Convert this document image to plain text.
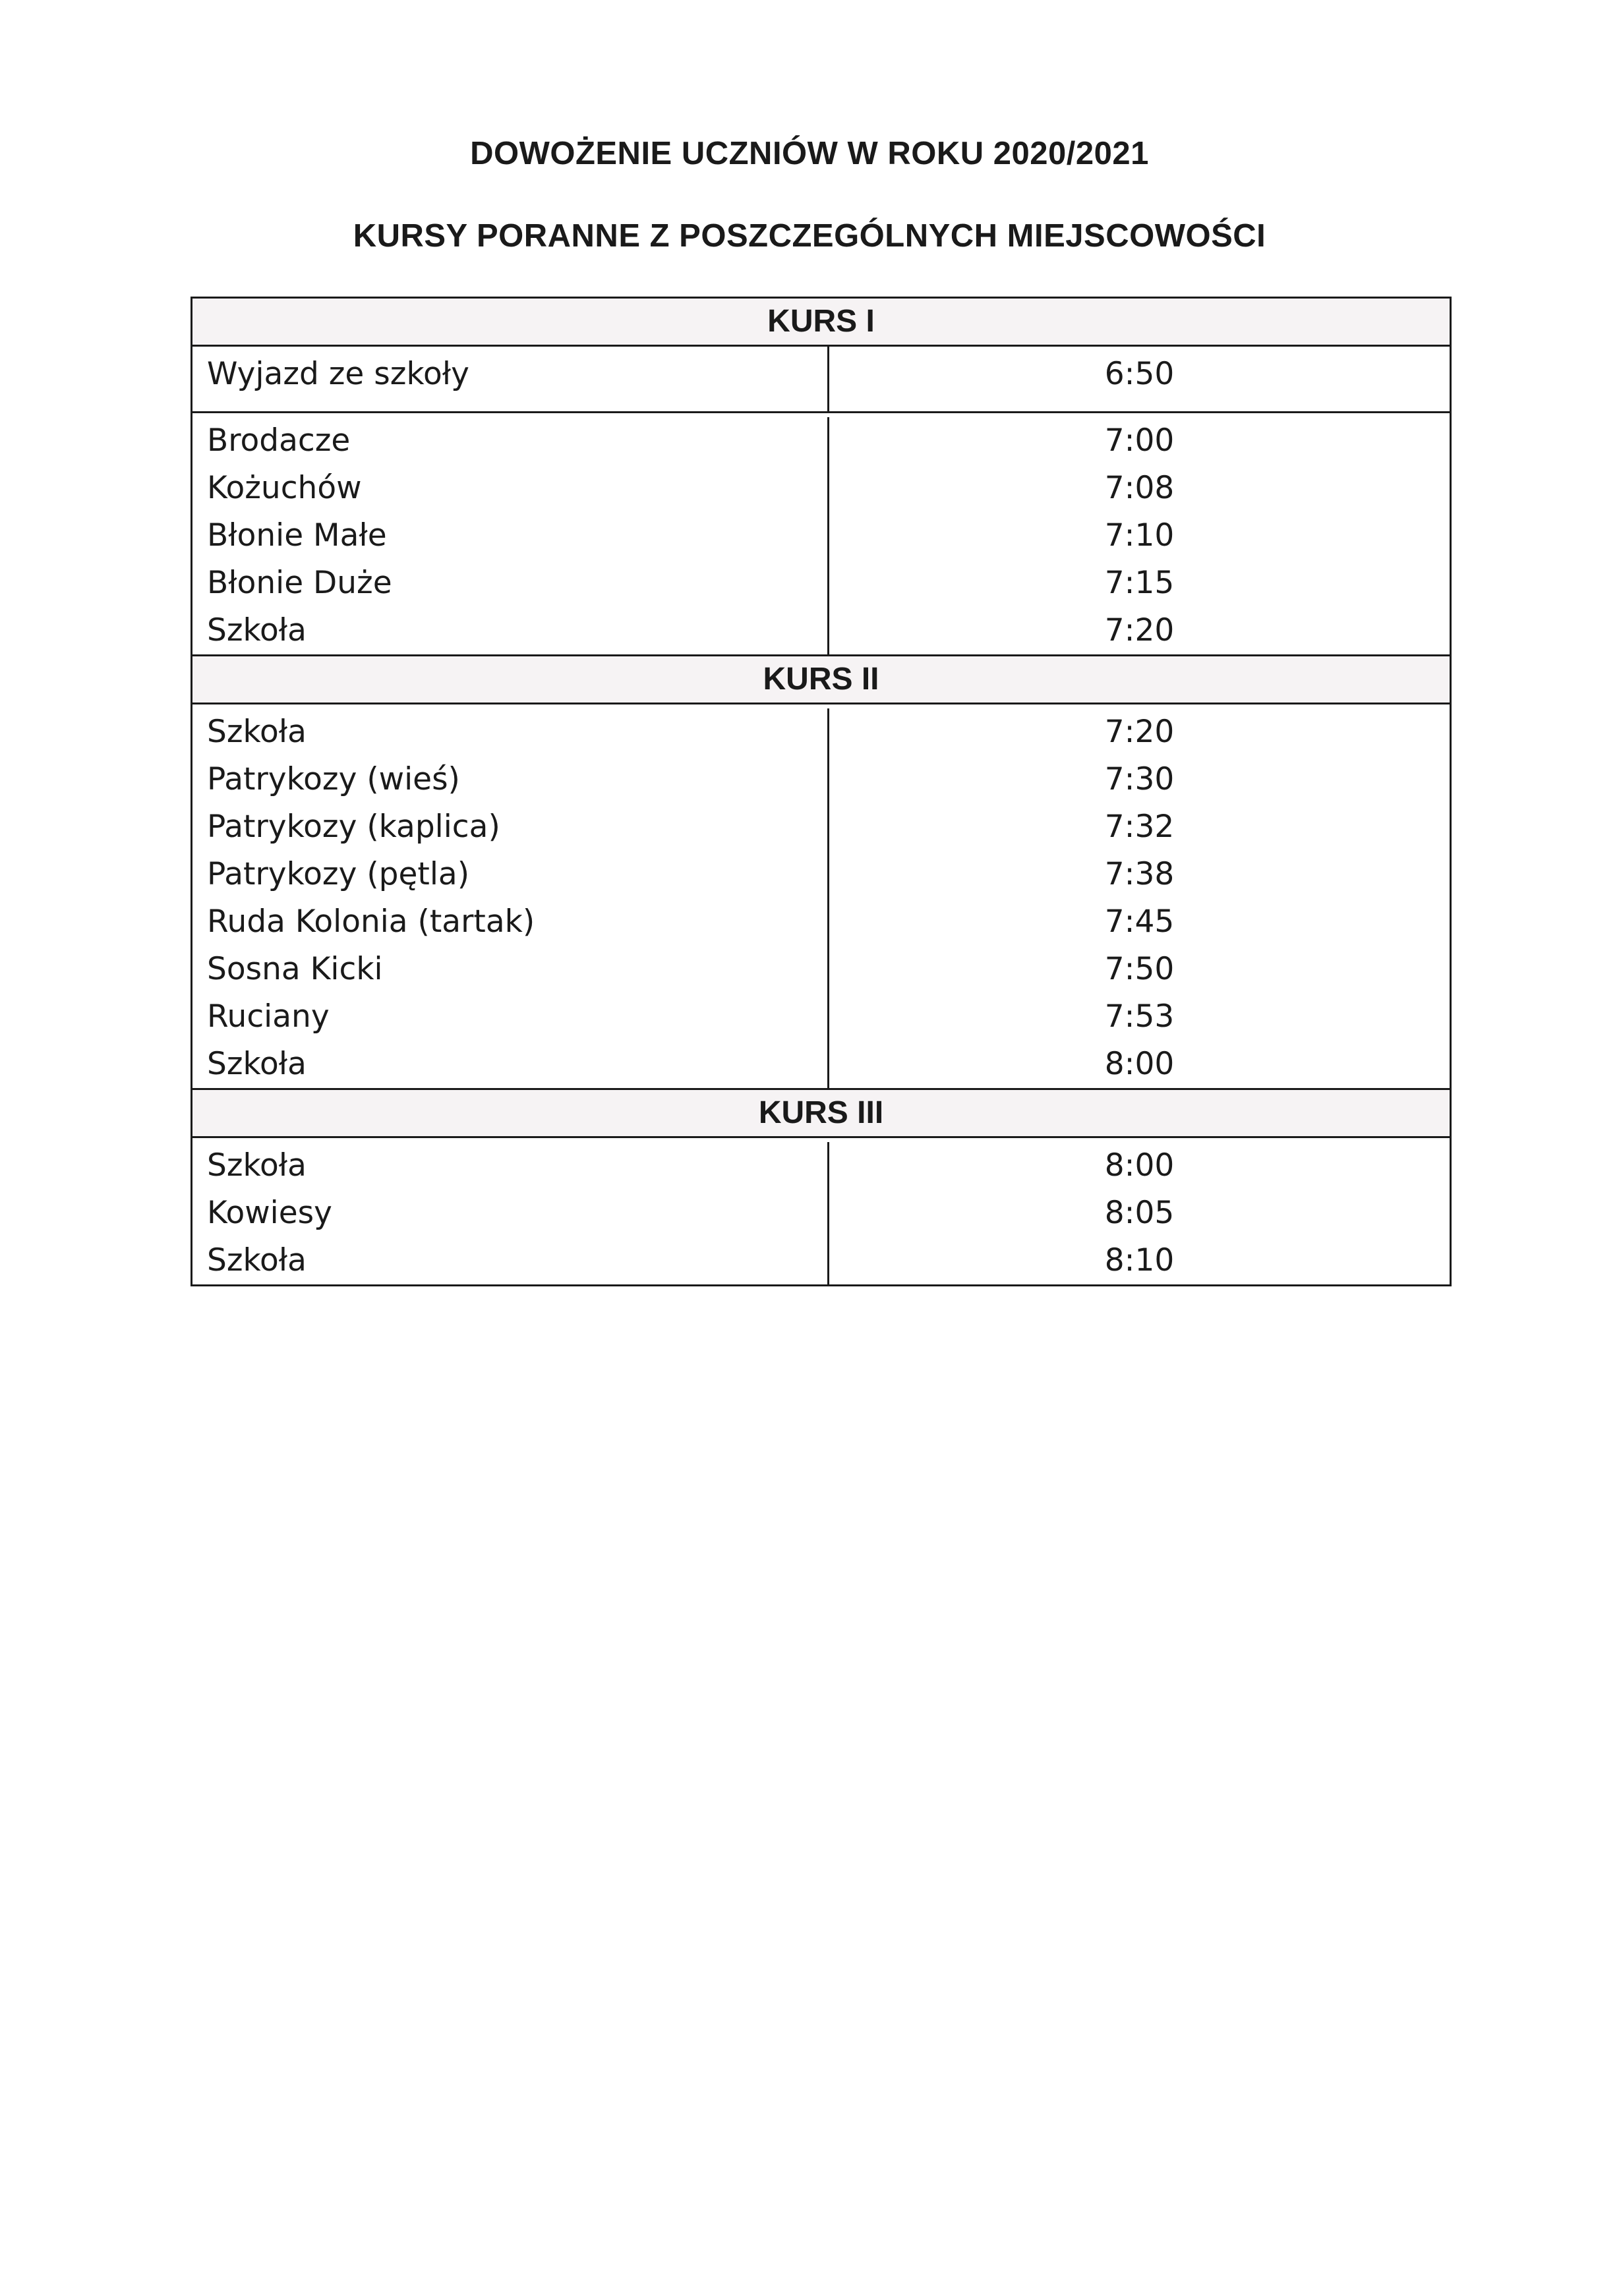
DOWOŻENIE UCZNIÓW W ROKU 2020/2021
KURSY PORANNE Z POSZCZEGÓLNYCH MIEJSCOWOŚCI
KURS I
Wyjazd ze szkoły	6:50
Brodacze
Kożuchów
Błonie Małe
Błonie Duże
Szkoła
7:00
7:08
7:10
7:15
7:20
KURS II
Szkoła
Patrykozy (wieś)
Patrykozy (kaplica)
Patrykozy (pętla)
Ruda Kolonia (tartak)
Sosna Kicki
Ruciany
Szkoła
7:20
7:30
7:32
7:38
7:45
7:50
7:53
8:00
KURS III
Szkoła
Kowiesy
Szkoła
8:00
8:05
8:10
